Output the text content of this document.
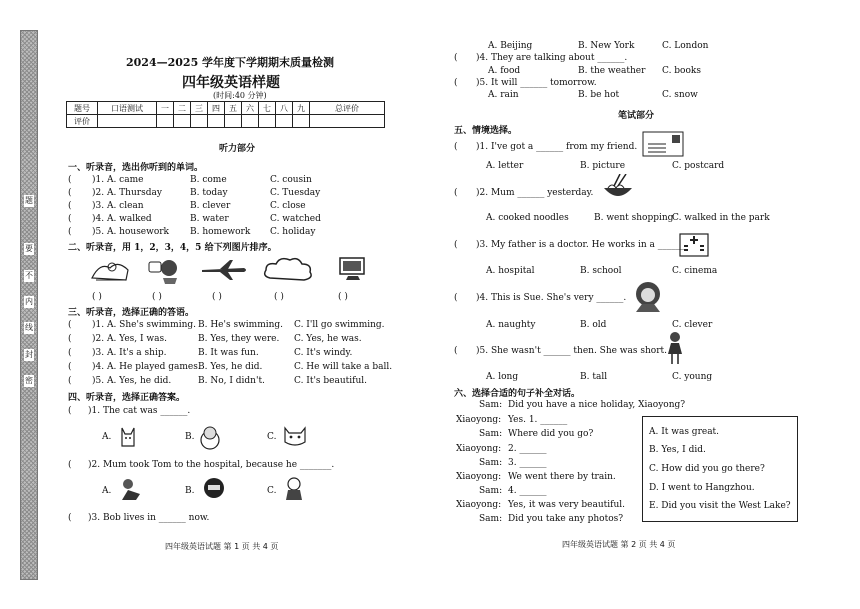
题
要
不
内
线
封
密
2024—2025 学年度下学期期末质量检测
四年级英语样题
(时间:40 分钟)
题号	口语测试	一	二	三	四	五	六	七	八	九	总评价
评价											
听力部分
一、听录音，选出你听到的单词。
( )1. A. came	B. come	C. cousin
( )2. A. Thursday	B. today	C. Tuesday
( )3. A. clean	B. clever	C. close
( )4. A. walked	B. water	C. watched
( )5. A. housework B. homework C. holiday
二、听录音，用 1，2，3，4，5 给下列图片排序。
( )	( )	( )	( )	( )
三、听录音，选择正确的答语。
( )1. A. She's swimming. B. He's swimming. C. I'll go swimming.
( )2. A. Yes, I was.	B. Yes, they were. C. Yes, he was.
( )3. A. It's a ship.	B. It was fun.	C. It's windy.
( )4. A. He played games.
B. Yes, he did.	C. He will take a ball.
( )5. A. Yes, he did.	B. No, I didn't.	C. It's beautiful.
四、听录音，选择正确答案。
( )1. The cat was ______.
A.	B.	C.
( )2. Mum took Tom to the hospital, because he _______.
A.	B.	C.
( )3. Bob lives in ______ now.
四年级英语试题 第 1 页 共 4 页
A. Beijing	B. New York	C. London
( )4. They are talking about ______.
A. food	B. the weather C. books
( )5. It will ______ tomorrow.
A. rain	B. be hot	C. snow
笔试部分
五、情境选择。
( )1. I've got a ______ from my friend.
A. letter	B. picture	C. postcard
( )2. Mum ______ yesterday.
A. cooked noodles	B. went shopping
C. walked in the park
( )3. My father is a doctor. He works in a ______.
A. hospital	B. school	C. cinema
( )4. This is Sue. She's very ______.
A. naughty	B. old	C. clever
( )5. She wasn't ______ then. She was short.
A. long	B. tall	C. young
六、选择合适的句子补全对话。
Sam: Did you have a nice holiday, Xiaoyong?
Xiaoyong: Yes. 1. ______
Sam: Where did you go?
Xiaoyong: 2. ______
Sam: 3. ______
Xiaoyong: We went there by train.
Sam: 4. ______
Xiaoyong: Yes, it was very beautiful.
Sam: Did you take any photos?
A. It was great.
B. Yes, I did.
C. How did you go there?
D. I went to Hangzhou.
E. Did you visit the West Lake?
四年级英语试题 第 2 页 共 4 页
